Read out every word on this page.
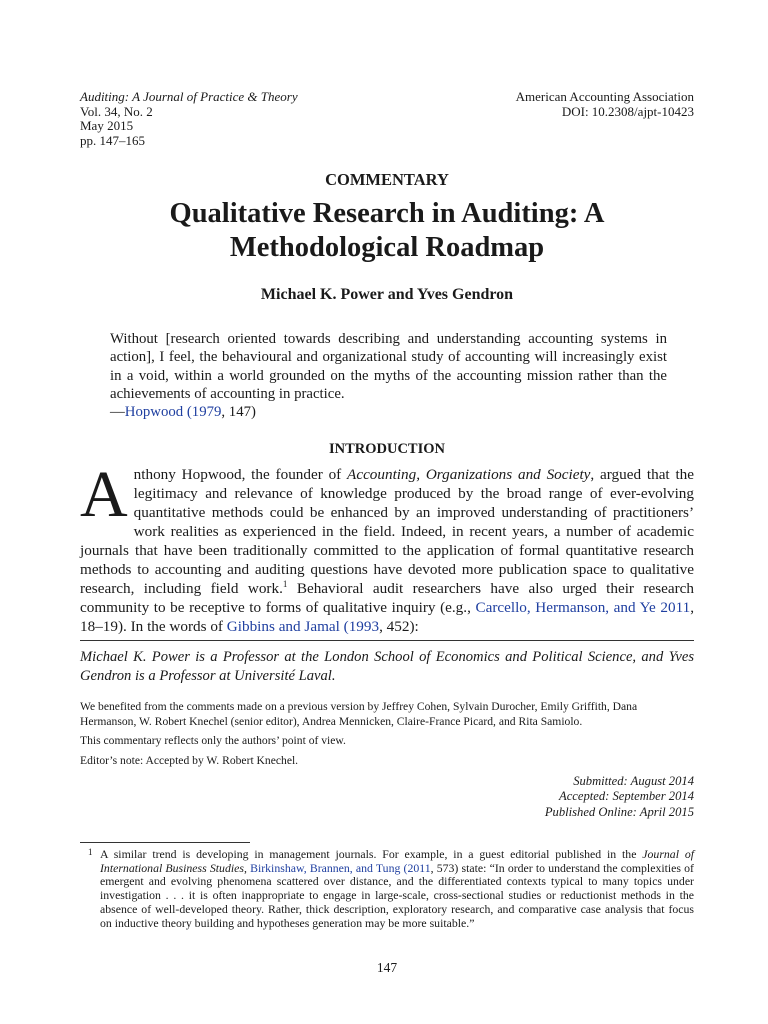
Auditing: A Journal of Practice & Theory
Vol. 34, No. 2
May 2015
pp. 147–165
American Accounting Association
DOI: 10.2308/ajpt-10423
COMMENTARY
Qualitative Research in Auditing: A
Methodological Roadmap
Michael K. Power and Yves Gendron
Without [research oriented towards describing and understanding accounting systems in action], I feel, the behavioural and organizational study of accounting will increasingly exist in a void, within a world grounded on the myths of the accounting mission rather than the achievements of accounting in practice.
—Hopwood (1979, 147)
INTRODUCTION
Anthony Hopwood, the founder of Accounting, Organizations and Society, argued that the legitimacy and relevance of knowledge produced by the broad range of ever-evolving quantitative methods could be enhanced by an improved understanding of practitioners’ work realities as experienced in the field. Indeed, in recent years, a number of academic journals that have been traditionally committed to the application of formal quantitative research methods to accounting and auditing questions have devoted more publication space to qualitative research, including field work.$^1$ Behavioral audit researchers have also urged their research community to be receptive to forms of qualitative inquiry (e.g., Carcello, Hermanson, and Ye 2011, 18–19). In the words of Gibbins and Jamal (1993, 452):
Michael K. Power is a Professor at the London School of Economics and Political Science, and Yves Gendron is a Professor at Université Laval.

We benefited from the comments made on a previous version by Jeffrey Cohen, Sylvain Durocher, Emily Griffith, Dana Hermanson, W. Robert Knechel (senior editor), Andrea Mennicken, Claire-France Picard, and Rita Samiolo.

This commentary reflects only the authors’ point of view.

Editor’s note: Accepted by W. Robert Knechel.

Submitted: August 2014
Accepted: September 2014
Published Online: April 2015
1 A similar trend is developing in management journals. For example, in a guest editorial published in the Journal of International Business Studies, Birkinshaw, Brannen, and Tung (2011, 573) state: “In order to understand the complexities of emergent and evolving phenomena scattered over distance, and the differentiated contexts typical to many topics under investigation . . . it is often inappropriate to engage in large-scale, cross-sectional studies or reductionist methods in the absence of well-developed theory. Rather, thick description, exploratory research, and comparative case analysis that focus on inductive theory building and hypotheses generation may be more suitable.”
147
